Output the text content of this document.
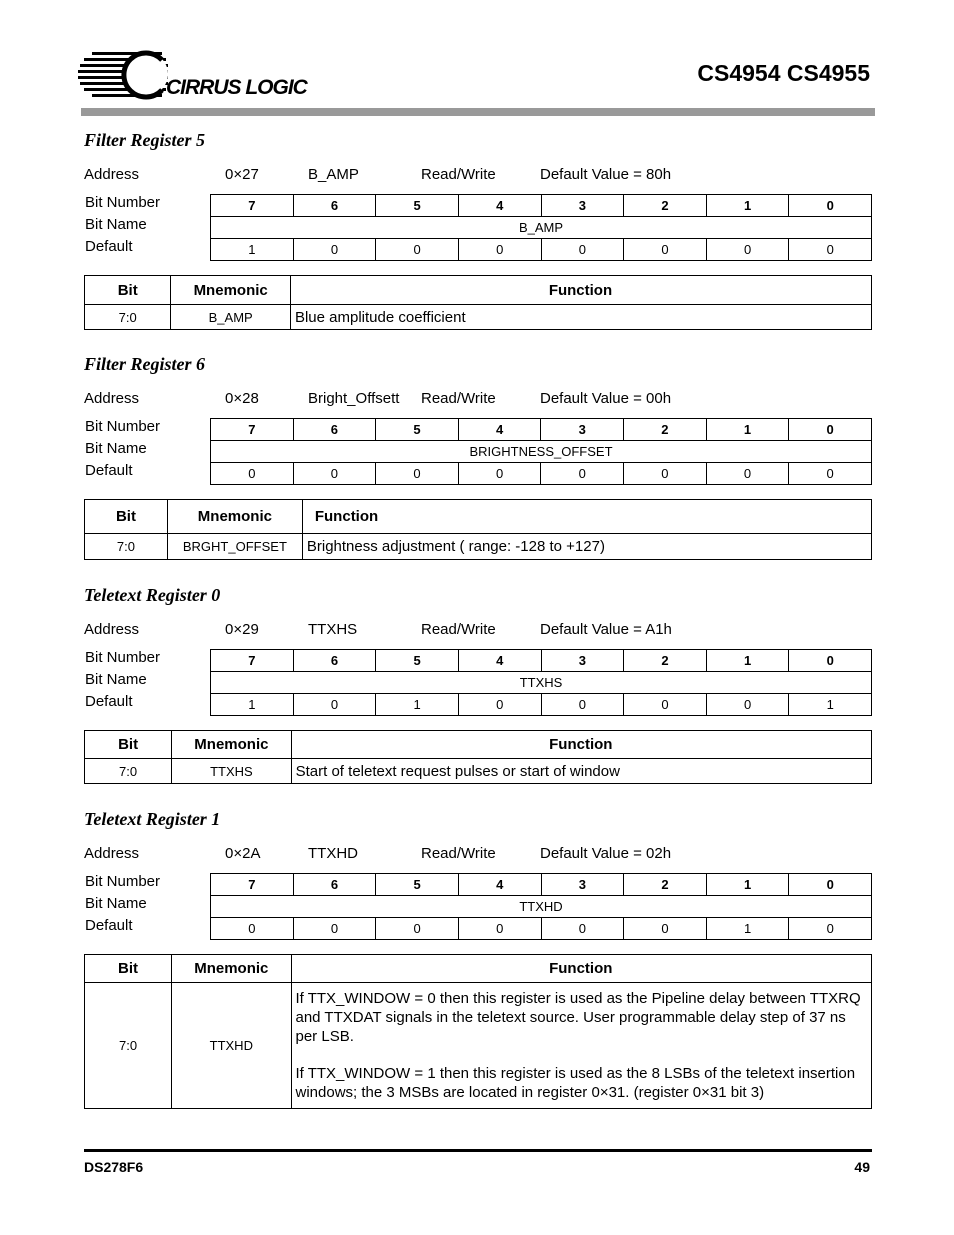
CIRRUS LOGIC
CS4954 CS4955
Filter Register 5
Address	0×27	B_AMP	Read/Write	Default Value = 80h
Bit Number
Bit Name
Default
7	6	5	4	3	2	1	0
B_AMP							
1	0	0	0	0	0	0	0
Bit	Mnemonic	Function
7:0	B_AMP	Blue amplitude coefficient

Filter Register 6
Address	0×28	Bright_Offsett Read/Write	Default Value = 00h
Bit Number
Bit Name
Default
7	6	5	4	3	2	1	0
BRIGHTNESS_OFFSET							
0	0	0	0	0	0	0	0
Bit	Mnemonic	Function
7:0	BRGHT_OFFSET	Brightness adjustment ( range: -128 to +127)

Teletext Register 0
Address	0×29	TTXHS	Read/Write	Default Value = A1h
Bit Number
Bit Name
Default
7	6	5	4	3	2	1	0
TTXHS							
1	0	1	0	0	0	0	1
Bit	Mnemonic	Function
7:0	TTXHS	Start of teletext request pulses or start of window

Teletext Register 1
Address	0×2A	TTXHD	Read/Write	Default Value = 02h
Bit Number
Bit Name
Default
7	6	5	4	3	2	1	0
TTXHD							
0	0	0	0	0	0	1	0
Bit	Mnemonic	Function
7:0	TTXHD	If TTX_WINDOW = 0 then this register is used as the Pipeline delay between TTXRQ and TTXDAT signals in the teletext source. User programmable delay step of 37 ns per LSB.

If TTX_WINDOW = 1 then this register is used as the 8 LSBs of the teletext insertion windows; the 3 MSBs are located in register 0×31. (register 0×31 bit 3)

DS278F6	49
